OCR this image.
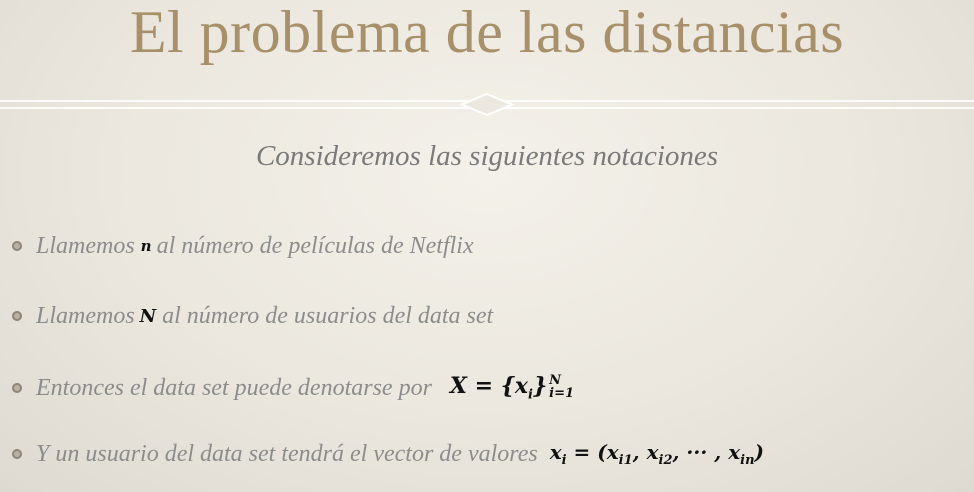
El problema de las distancias
Consideremos las siguientes notaciones
Llamemos n al número de películas de Netflix
Llamemos N al número de usuarios del data set
Entonces el data set puede denotarse por $X = \{x_i\}$ N
i=1
Y un usuario del data set tendrá el vector de valores $x_i = (x_{i1}$, $x_{i2}$, ··· , $x_{in}$)
